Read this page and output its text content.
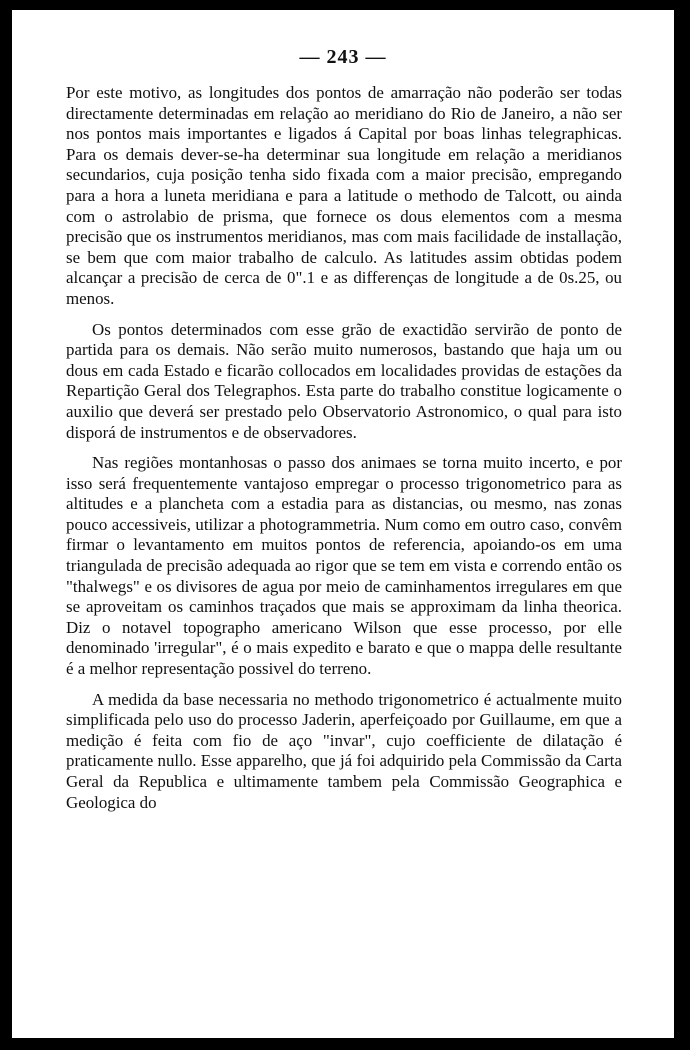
— 243 —

Por este motivo, as longitudes dos pontos de amarração não poderão ser todas directamente determinadas em relação ao meridiano do Rio de Janeiro, a não ser nos pontos mais importantes e ligados á Capital por boas linhas telegraphicas. Para os demais dever-se-ha determinar sua longitude em relação a meridianos secundarios, cuja posição tenha sido fixada com a maior precisão, empregando para a hora a luneta meridiana e para a latitude o methodo de Talcott, ou ainda com o astrolabio de prisma, que fornece os dous elementos com a mesma precisão que os instrumentos meridianos, mas com mais facilidade de installação, se bem que com maior trabalho de calculo. As latitudes assim obtidas podem alcançar a precisão de cerca de 0".1 e as differenças de longitude a de 0s.25, ou menos.

Os pontos determinados com esse grão de exactidão servirão de ponto de partida para os demais. Não serão muito numerosos, bastando que haja um ou dous em cada Estado e ficarão collocados em localidades providas de estações da Repartição Geral dos Telegraphos. Esta parte do trabalho constitue logicamente o auxilio que deverá ser prestado pelo Observatorio Astronomico, o qual para isto disporá de instrumentos e de observadores.

Nas regiões montanhosas o passo dos animaes se torna muito incerto, e por isso será frequentemente vantajoso empregar o processo trigonometrico para as altitudes e a plancheta com a estadia para as distancias, ou mesmo, nas zonas pouco accessiveis, utilizar a photogrammetria. Num como em outro caso, convêm firmar o levantamento em muitos pontos de referencia, apoiando-os em uma triangulada de precisão adequada ao rigor que se tem em vista e correndo então os "thalwegs" e os divisores de agua por meio de caminhamentos irregulares em que se aproveitam os caminhos traçados que mais se approximam da linha theorica. Diz o notavel topographo americano Wilson que esse processo, por elle denominado 'irregular", é o mais expedito e barato e que o mappa delle resultante é a melhor representação possivel do terreno.

A medida da base necessaria no methodo trigonometrico é actualmente muito simplificada pelo uso do processo Jaderin, aperfeiçoado por Guillaume, em que a medição é feita com fio de aço "invar", cujo coefficiente de dilatação é praticamente nullo. Esse apparelho, que já foi adquirido pela Commissão da Carta Geral da Republica e ultimamente tambem pela Commissão Geographica e Geologica do
